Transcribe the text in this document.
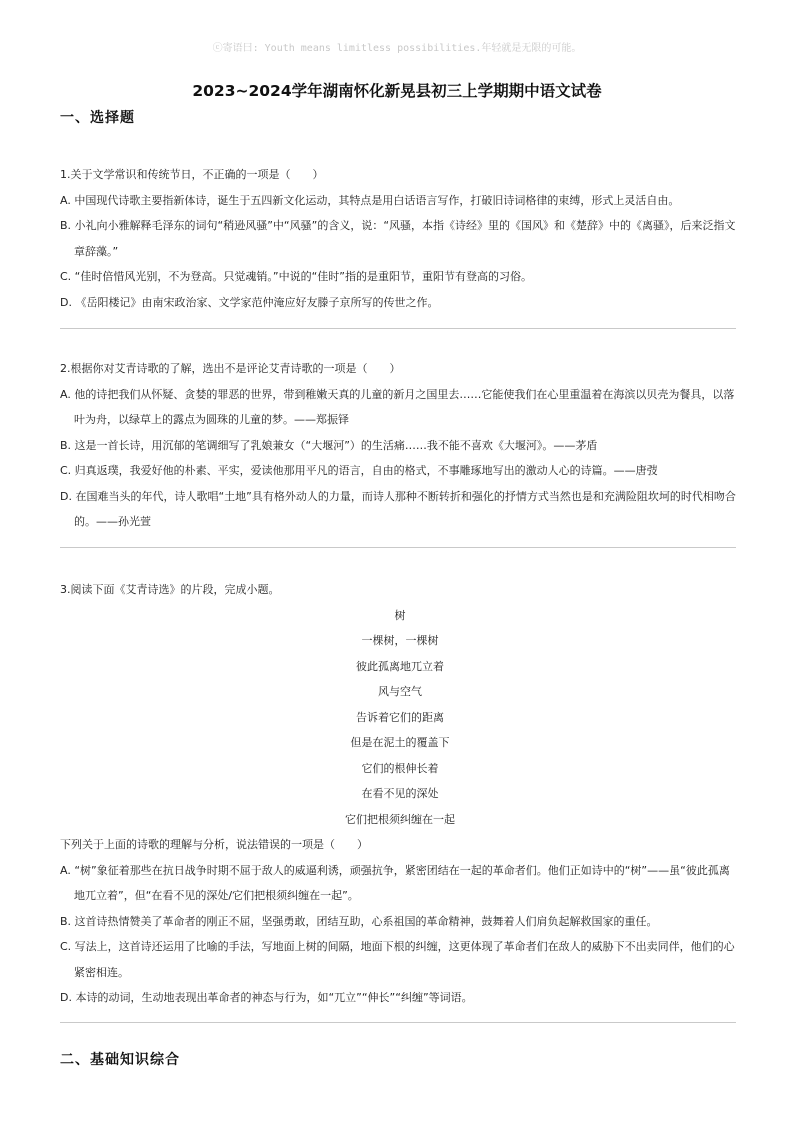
ⓒ寄语曰: Youth means limitless possibilities.年轻就是无限的可能。
2023~2024学年湖南怀化新晃县初三上学期期中语文试卷
一、选择题

1.关于文学常识和传统节日，不正确的一项是（　　）

A. 中国现代诗歌主要指新体诗，诞生于五四新文化运动，其特点是用白话语言写作，打破旧诗词格律的束缚，形式上灵活自由。

B. 小礼向小雅解释毛泽东的词句“稍逊风骚”中“风骚”的含义，说：“风骚，本指《诗经》里的《国风》和《楚辞》中的《离骚》，后来泛指文章辞藻。”

C. “佳时倍惜风光别，不为登高。只觉魂销。”中说的“佳时”指的是重阳节，重阳节有登高的习俗。

D. 《岳阳楼记》由南宋政治家、文学家范仲淹应好友滕子京所写的传世之作。

2.根据你对艾青诗歌的了解，选出不是评论艾青诗歌的一项是（　　）

A. 他的诗把我们从怀疑、贪婪的罪恶的世界，带到稚嫩天真的儿童的新月之国里去……它能使我们在心里重温着在海滨以贝壳为餐具，以落叶为舟，以绿草上的露点为圆珠的儿童的梦。——郑振铎

B. 这是一首长诗，用沉郁的笔调细写了乳娘兼女（“大堰河”）的生活痛……我不能不喜欢《大堰河》。——茅盾

C. 归真返璞，我爱好他的朴素、平实，爱读他那用平凡的语言，自由的格式，不事雕琢地写出的激动人心的诗篇。——唐弢

D. 在国难当头的年代，诗人歌唱“土地”具有格外动人的力量，而诗人那种不断转折和强化的抒情方式当然也是和充满险阻坎坷的时代相吻合的。——孙光萱

3.阅读下面《艾青诗选》的片段，完成小题。

树

一棵树，一棵树

彼此孤离地兀立着

风与空气

告诉着它们的距离

但是在泥土的覆盖下

它们的根伸长着

在看不见的深处

它们把根须纠缠在一起

下列关于上面的诗歌的理解与分析，说法错误的一项是（　　）

A. “树”象征着那些在抗日战争时期不屈于敌人的威逼利诱，顽强抗争，紧密团结在一起的革命者们。他们正如诗中的“树”——虽“彼此孤离地兀立着”，但“在看不见的深处/它们把根须纠缠在一起”。

B. 这首诗热情赞美了革命者的刚正不屈，坚强勇敢，团结互助，心系祖国的革命精神，鼓舞着人们肩负起解救国家的重任。

C. 写法上，这首诗还运用了比喻的手法，写地面上树的间隔，地面下根的纠缠，这更体现了革命者们在敌人的威胁下不出卖同伴，他们的心紧密相连。

D. 本诗的动词，生动地表现出革命者的神态与行为，如“兀立”“伸长”“纠缠”等词语。

二、基础知识综合
